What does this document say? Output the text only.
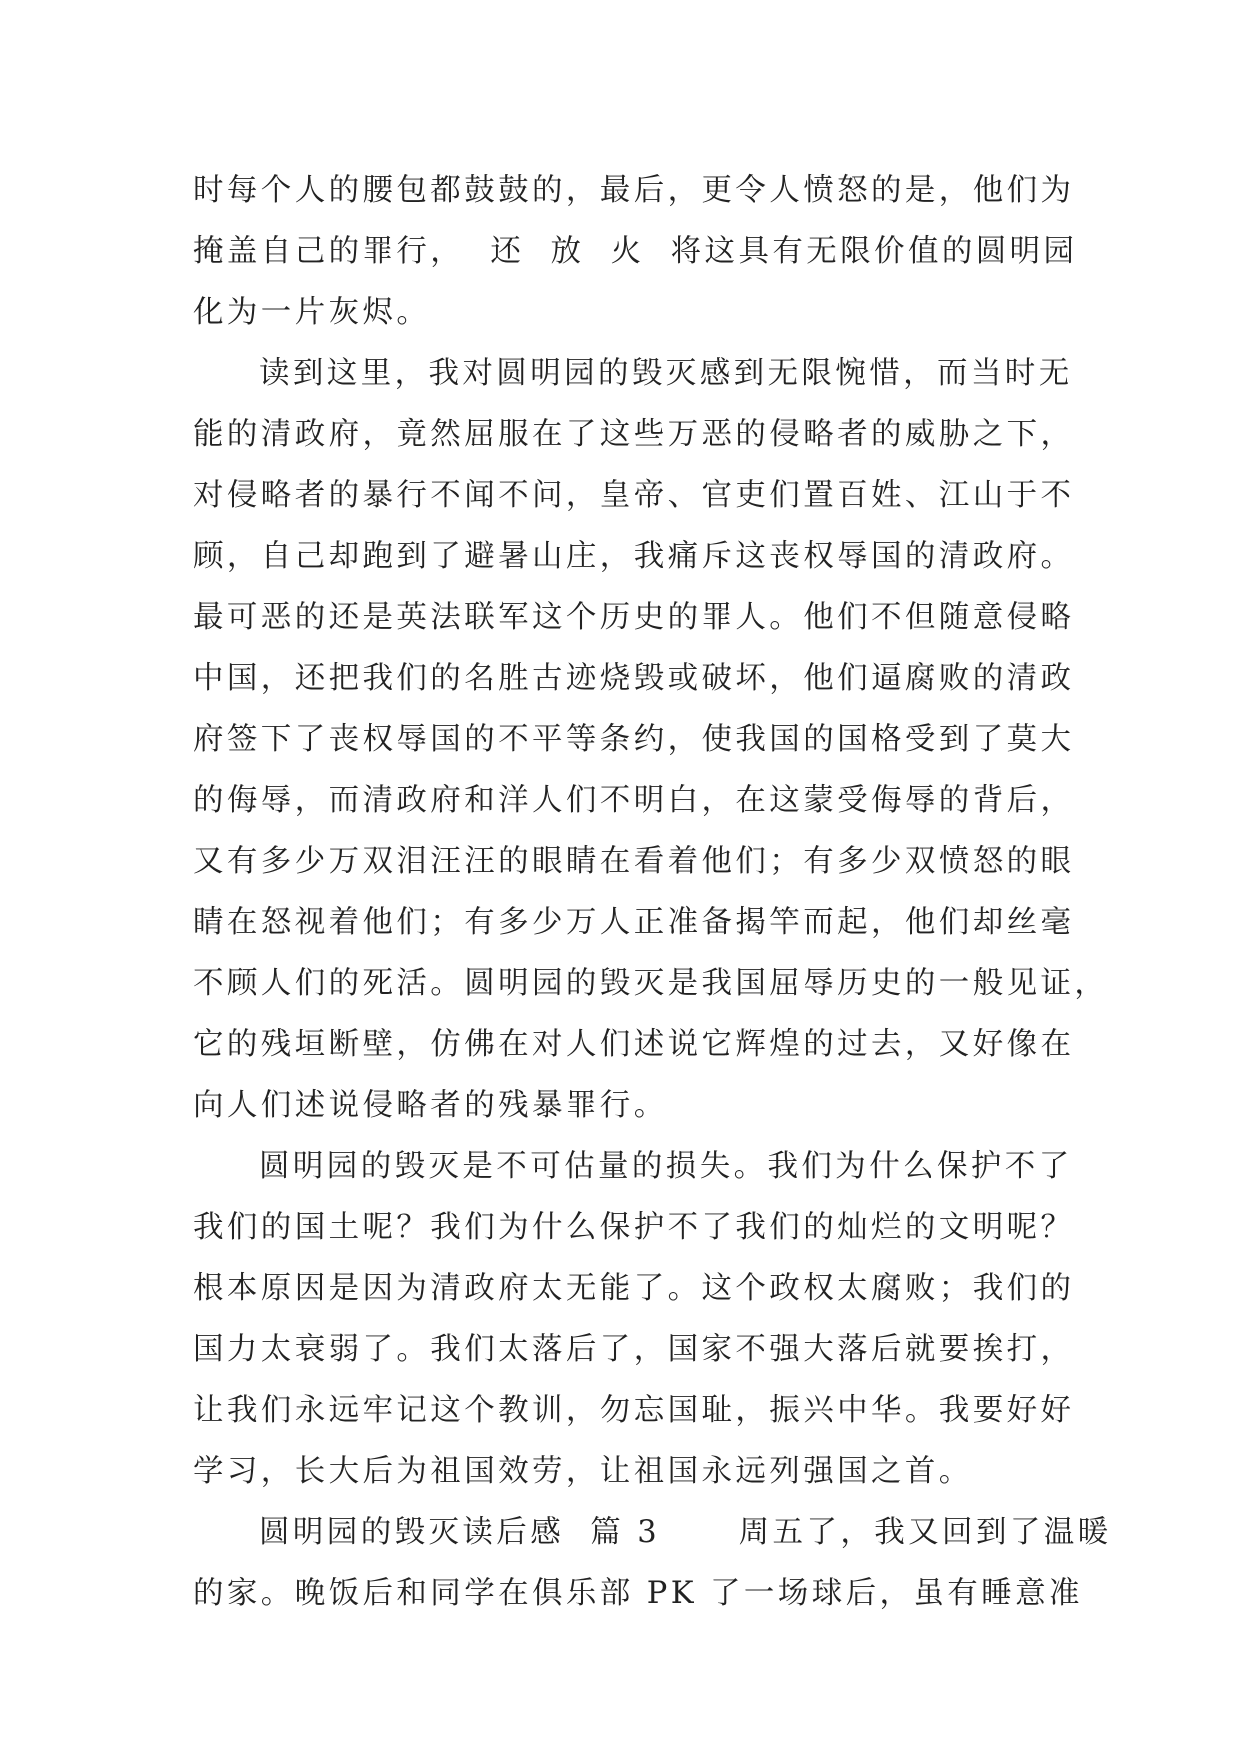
时每个人的腰包都鼓鼓的，最后，更令人愤怒的是，他们为
掩盖自己的罪行，  还  放  火  将这具有无限价值的圆明园
化为一片灰烬。
读到这里，我对圆明园的毁灭感到无限惋惜，而当时无
能的清政府，竟然屈服在了这些万恶的侵略者的威胁之下，
对侵略者的暴行不闻不问，皇帝、官吏们置百姓、江山于不
顾，自己却跑到了避暑山庄，我痛斥这丧权辱国的清政府。
最可恶的还是英法联军这个历史的罪人。他们不但随意侵略
中国，还把我们的名胜古迹烧毁或破坏，他们逼腐败的清政
府签下了丧权辱国的不平等条约，使我国的国格受到了莫大
的侮辱，而清政府和洋人们不明白，在这蒙受侮辱的背后，
又有多少万双泪汪汪的眼睛在看着他们；有多少双愤怒的眼
睛在怒视着他们；有多少万人正准备揭竿而起，他们却丝毫
不顾人们的死活。圆明园的毁灭是我国屈辱历史的一般见证，
它的残垣断壁，仿佛在对人们述说它辉煌的过去，又好像在
向人们述说侵略者的残暴罪行。
圆明园的毁灭是不可估量的损失。我们为什么保护不了
我们的国土呢？我们为什么保护不了我们的灿烂的文明呢？
根本原因是因为清政府太无能了。这个政权太腐败；我们的
国力太衰弱了。我们太落后了，国家不强大落后就要挨打，
让我们永远牢记这个教训，勿忘国耻，振兴中华。我要好好
学习，长大后为祖国效劳，让祖国永远列强国之首。
圆明园的毁灭读后感  篇 3      周五了，我又回到了温暖
的家。晚饭后和同学在俱乐部 PK 了一场球后，虽有睡意准
